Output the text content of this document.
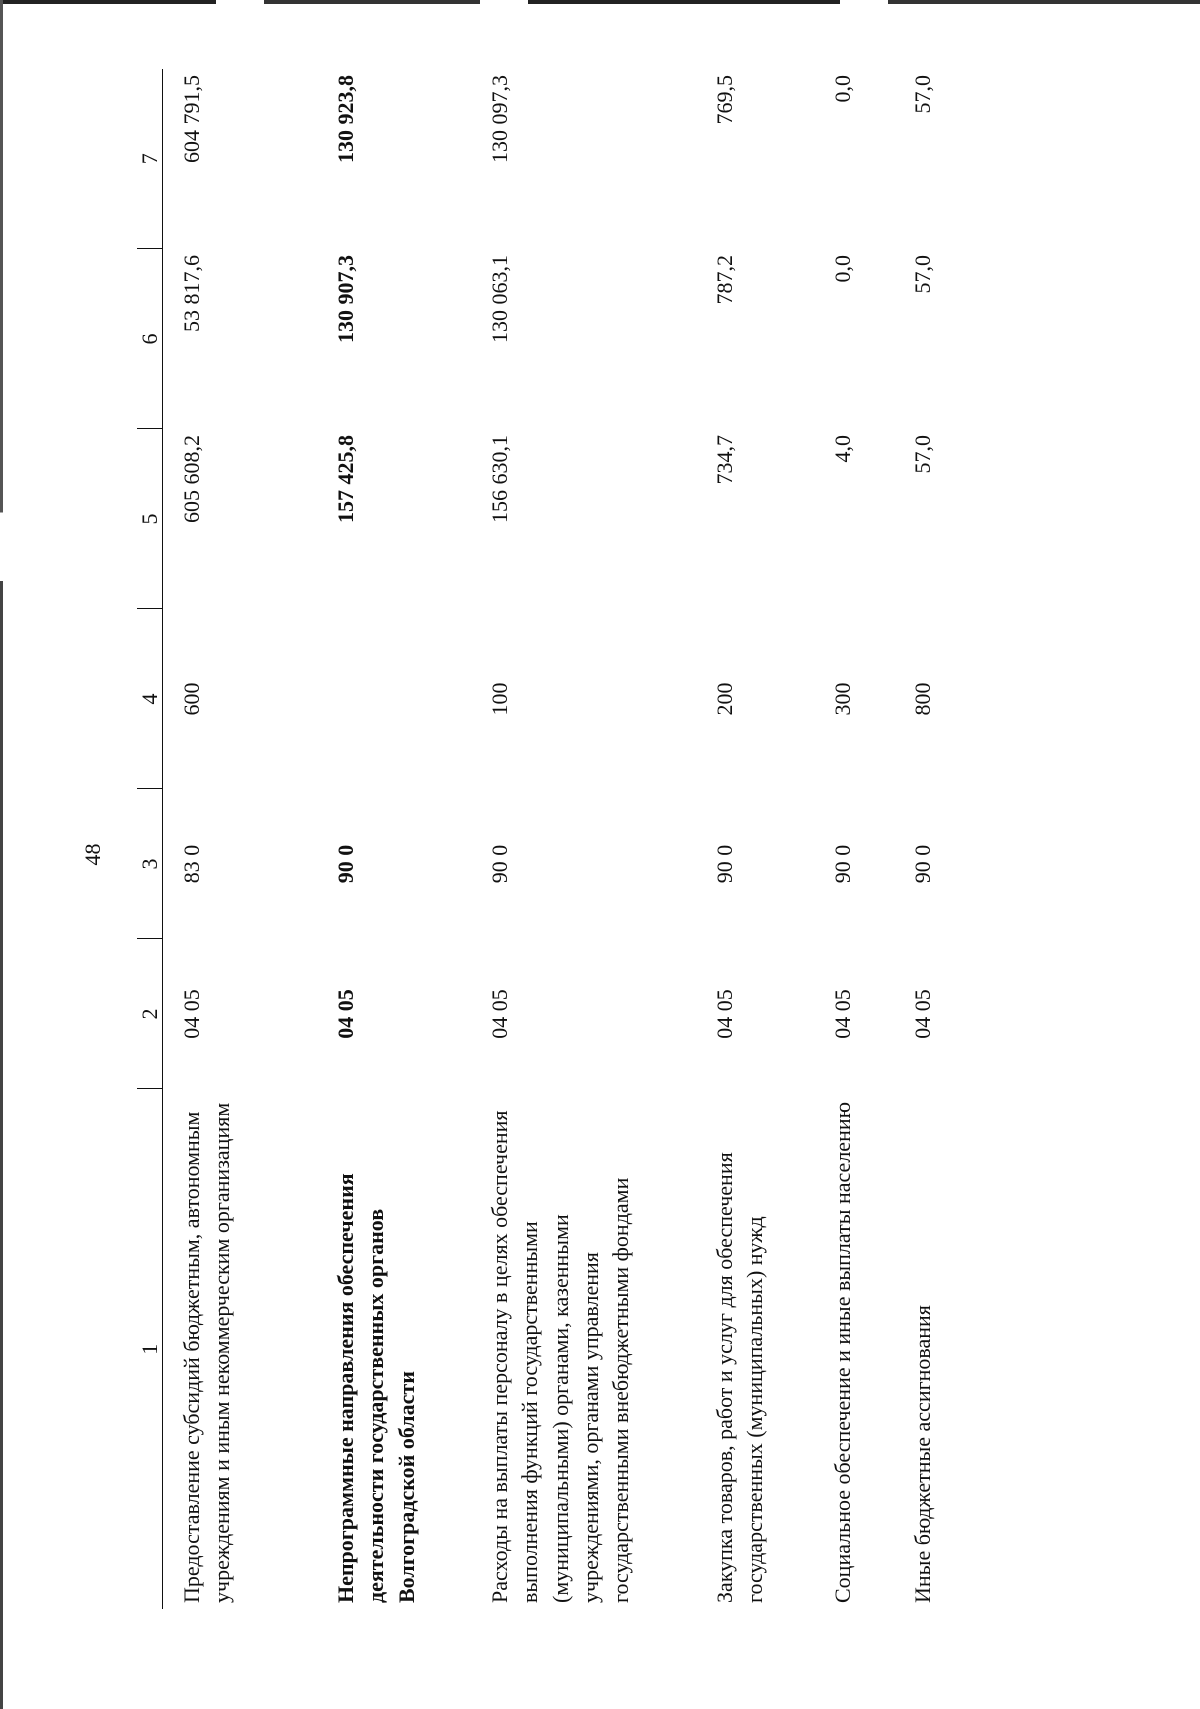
48
1	2	3	4	5	6	7
Предоставление субсидий бюджетным, автономным учреждениям и иным некоммерческим организациям	04 05	83 0	600	605 608,2	53 817,6	604 791,5
Непрограммные направления обеспечения деятельности государственных органов Волгоградской области	04 05	90 0		157 425,8	130 907,3	130 923,8
Расходы на выплаты персоналу в целях обеспечения выполнения функций государственными (муниципальными) органами, казенными учреждениями, органами управления государственными внебюджетными фондами	04 05	90 0	100	156 630,1	130 063,1	130 097,3
Закупка товаров, работ и услуг для обеспечения государственных (муниципальных) нужд	04 05	90 0	200	734,7	787,2	769,5
Социальное обеспечение и иные выплаты населению	04 05	90 0	300	4,0	0,0	0,0
Иные бюджетные ассигнования	04 05	90 0	800	57,0	57,0	57,0
